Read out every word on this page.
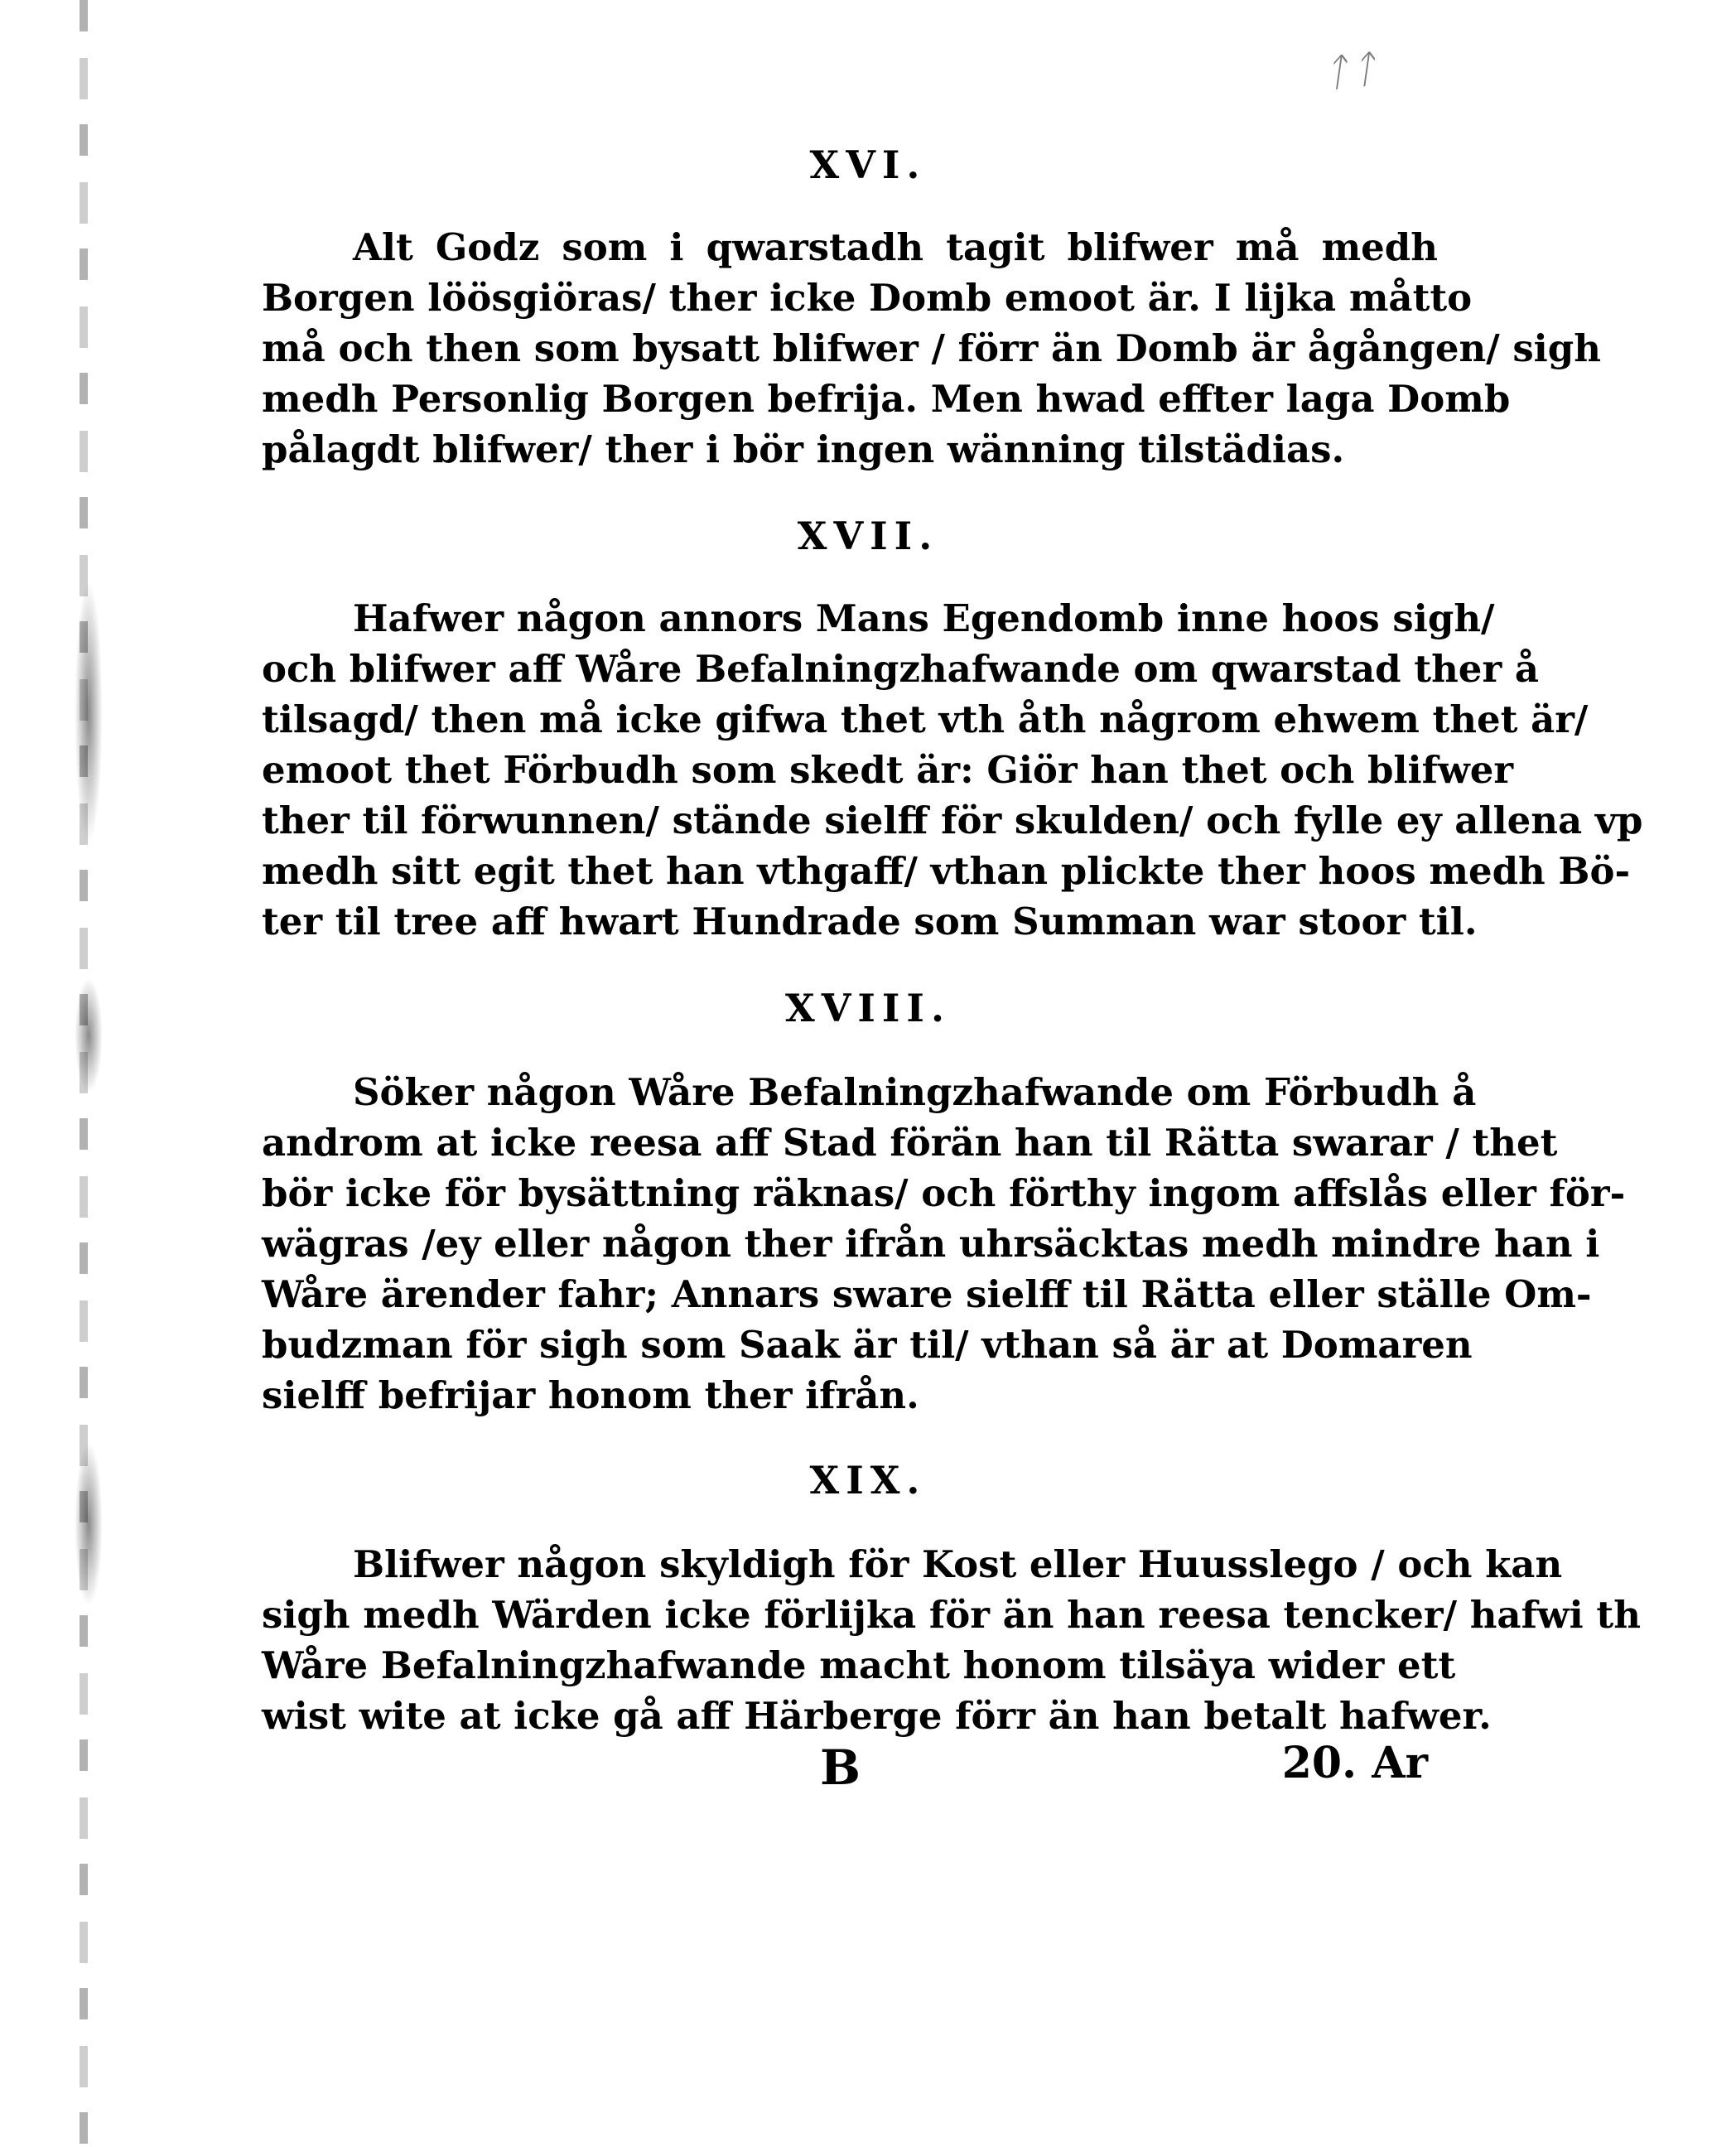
ᛏᛏ
XVI.
Alt Godz som i qwarstadh tagit blifwer må medh
Borgen löösgiöras/ ther icke Domb emoot är. I lijka måtto
må och then som bysatt blifwer / förr än Domb är ågången/ sigh
medh Personlig Borgen befrija. Men hwad effter laga Domb
pålagdt blifwer/ ther i bör ingen wänning tilstädias.
XVII.
Hafwer någon annors Mans Egendomb inne hoos sigh/
och blifwer aff Wåre Befalningzhafwande om qwarstad ther å
tilsagd/ then må icke gifwa thet vth åth någrom ehwem thet är/
emoot thet Förbudh som skedt är: Giör han thet och blifwer
ther til förwunnen/ stände sielff för skulden/ och fylle ey allena vp
medh sitt egit thet han vthgaff/ vthan plickte ther hoos medh Bö-
ter til tree aff hwart Hundrade som Summan war stoor til.
XVIII.
Söker någon Wåre Befalningzhafwande om Förbudh å
androm at icke reesa aff Stad förän han til Rätta swarar / thet
bör icke för bysättning räknas/ och förthy ingom affslås eller för-
wägras /ey eller någon ther ifrån uhrsäcktas medh mindre han i
Wåre ärender fahr; Annars sware sielff til Rätta eller ställe Om-
budzman för sigh som Saak är til/ vthan så är at Domaren
sielff befrijar honom ther ifrån.
XIX.
Blifwer någon skyldigh för Kost eller Huusslego / och kan
sigh medh Wärden icke förlijka för än han reesa tencker/ hafwi th
Wåre Befalningzhafwande macht honom tilsäya wider ett
wist wite at icke gå aff Härberge förr än han betalt hafwer.
B	20. Ar
